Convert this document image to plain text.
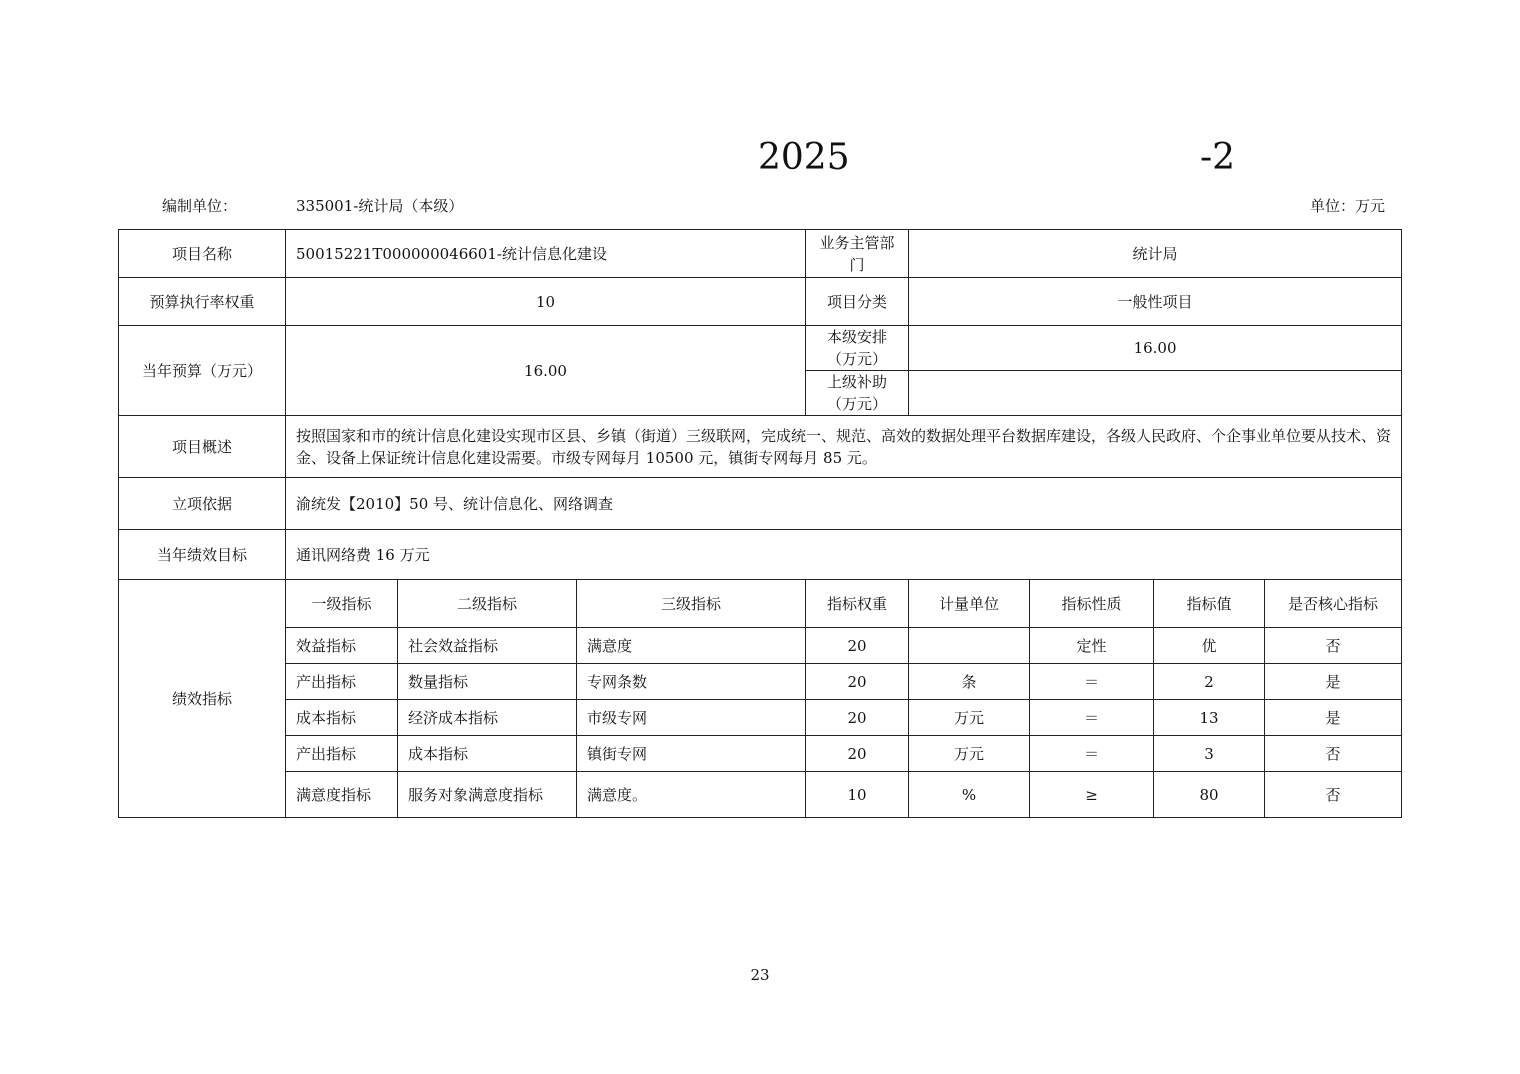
2025	-2
编制单位：	335001-统计局（本级）	单位：万元
项目名称	50015221T000000046601-统计信息化建设			业务主管部门	统计局			
预算执行率权重	10			项目分类	一般性项目			
当年预算（万元）	16.00			本级安排（万元）	16.00			
				上级补助（万元）				
项目概述	按照国家和市的统计信息化建设实现市区县、乡镇（街道）三级联网，完成统一、规范、高效的数据处理平台数据库建设，各级人民政府、个企事业单位要从技术、资金、设备上保证统计信息化建设需要。市级专网每月 10500 元，镇街专网每月 85 元。							
立项依据	渝统发【2010】50 号、统计信息化、网络调查							
当年绩效目标	通讯网络费 16 万元							
绩效指标	一级指标	二级指标	三级指标	指标权重	计量单位	指标性质	指标值	是否核心指标
	效益指标	社会效益指标	满意度	20		定性	优	否
	产出指标	数量指标	专网条数	20	条	＝	2	是
	成本指标	经济成本指标	市级专网	20	万元	＝	13	是
	产出指标	成本指标	镇街专网	20	万元	＝	3	否
	满意度指标	服务对象满意度指标	满意度。	10	%	≥	80	否
23
